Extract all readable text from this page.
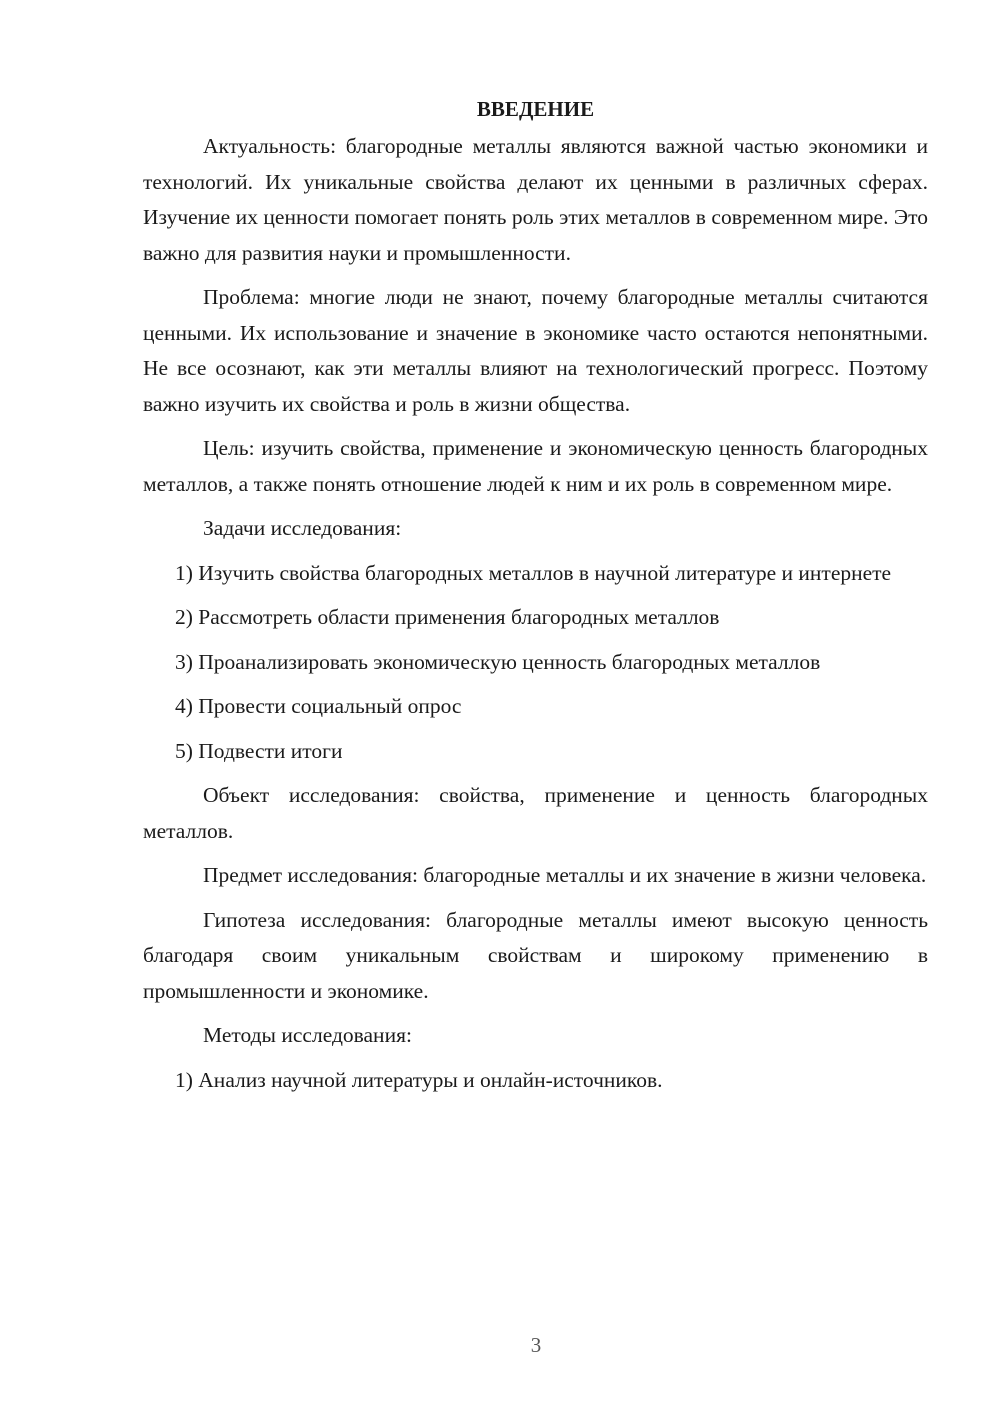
ВВЕДЕНИЕ

Актуальность: благородные металлы являются важной частью экономики и технологий. Их уникальные свойства делают их ценными в различных сферах. Изучение их ценности помогает понять роль этих металлов в современном мире. Это важно для развития науки и промышленности.

Проблема: многие люди не знают, почему благородные металлы считаются ценными. Их использование и значение в экономике часто остаются непонятными. Не все осознают, как эти металлы влияют на технологический прогресс. Поэтому важно изучить их свойства и роль в жизни общества.

Цель: изучить свойства, применение и экономическую ценность благородных металлов, а также понять отношение людей к ним и их роль в современном мире.

Задачи исследования:

1) Изучить свойства благородных металлов в научной литературе и интернете

2) Рассмотреть области применения благородных металлов

3) Проанализировать экономическую ценность благородных металлов

4) Провести социальный опрос

5) Подвести итоги

Объект исследования: свойства, применение и ценность благородных металлов.

Предмет исследования: благородные металлы и их значение в жизни человека.

Гипотеза исследования: благородные металлы имеют высокую ценность благодаря своим уникальным свойствам и широкому применению в промышленности и экономике.

Методы исследования:

1) Анализ научной литературы и онлайн-источников.

3
